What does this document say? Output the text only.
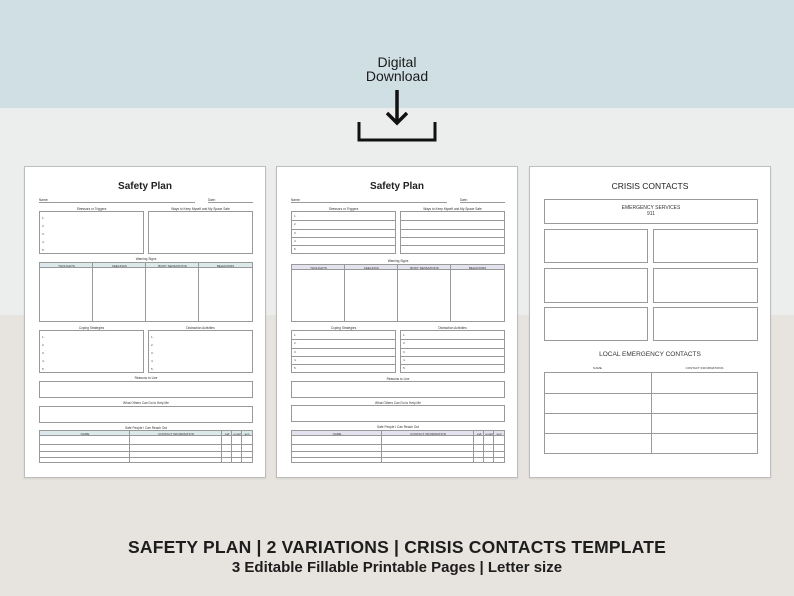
Digital
Download
Safety Plan
Name:	Date:
Stressors or Triggers	Ways to Keep Myself and My Space Safe
1.
2.
3.
4.
5.
Warning Signs
THOUGHTS	FEELINGS	BODY SENSATIONS	BEHAVIORS
Coping Strategies	Distraction Activities
1.
2.
3.
4.
5.
1.
2.
3.
4.
5.
Reasons to Live
What Others Can Do to Help Me
Safe People I Can Reach Out
NAME	CONTACT INFORMATION	call	email	text
Safety Plan
Name:	Date:
Stressors or Triggers	Ways to Keep Myself and My Space Safe
1.
2.
3.
4.
5.
Warning Signs
THOUGHTS	FEELINGS	BODY SENSATIONS	BEHAVIORS
Coping Strategies	Distraction Activities
1.
2.
3.
4.
5.
1.
2.
3.
4.
5.
Reasons to Live
What Others Can Do to Help Me
Safe People I Can Reach Out
NAME	CONTACT INFORMATION	call	email	text
CRISIS CONTACTS
EMERGENCY SERVICES
911
LOCAL EMERGENCY CONTACTS
NAME	CONTACT INFORMATIONS
SAFETY PLAN | 2 VARIATIONS | CRISIS CONTACTS TEMPLATE
3 Editable Fillable Printable Pages | Letter size
